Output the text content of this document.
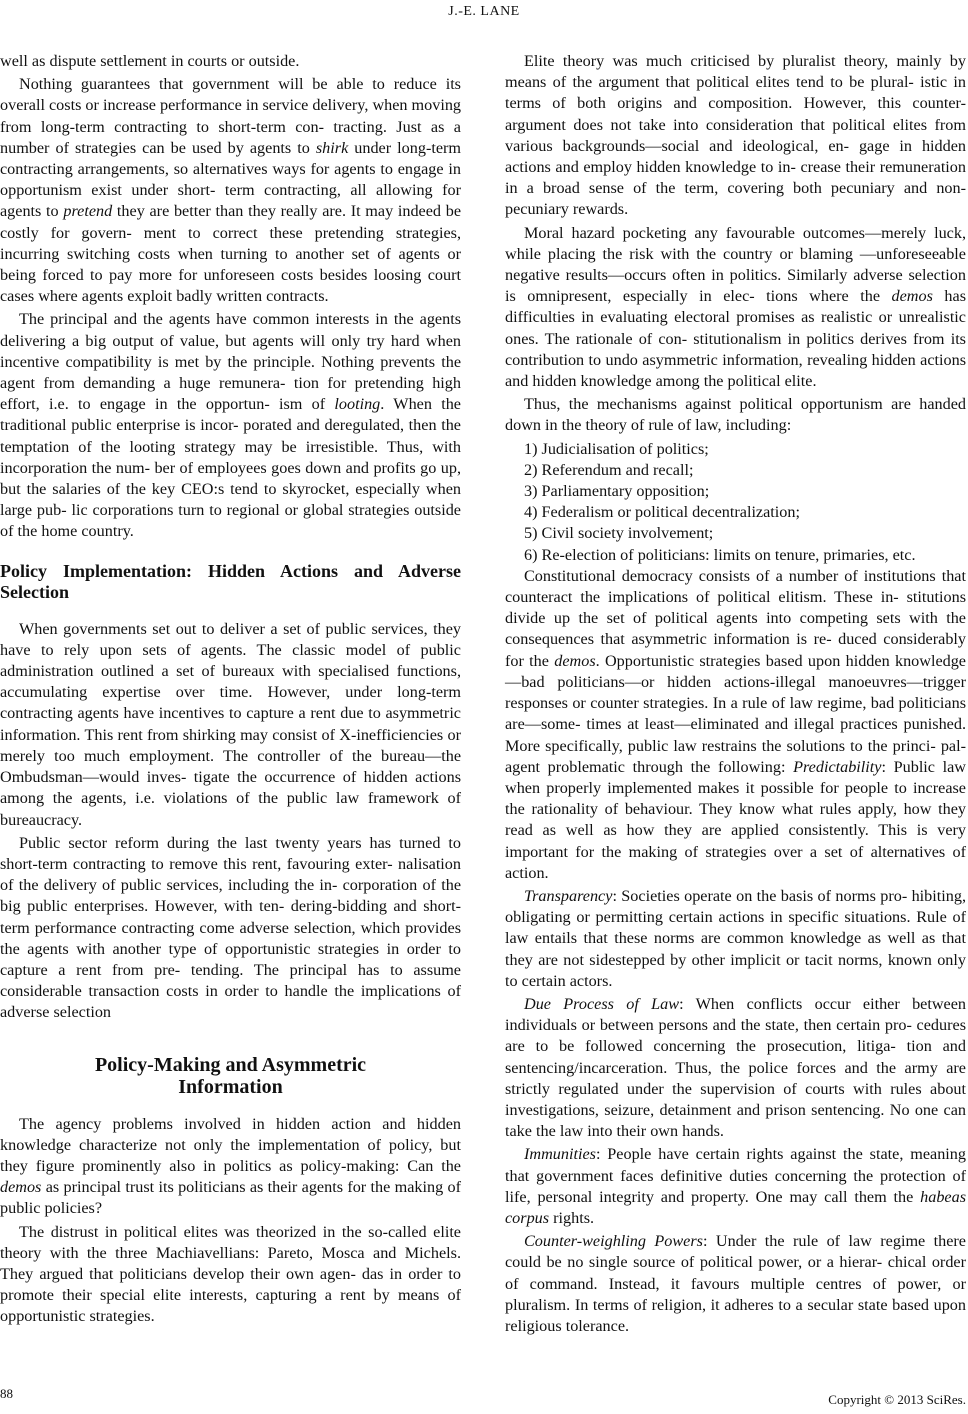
J.-E. LANE

well as dispute settlement in courts or outside.

Nothing guarantees that government will be able to reduce its overall costs or increase performance in service delivery, when moving from long-term contracting to short-term con- tracting. Just as a number of strategies can be used by agents to shirk under long-term contracting arrangements, so alternatives ways for agents to engage in opportunism exist under short- term contracting, all allowing for agents to pretend they are better than they really are. It may indeed be costly for govern- ment to correct these pretending strategies, incurring switching costs when turning to another set of agents or being forced to pay more for unforeseen costs besides loosing court cases where agents exploit badly written contracts.

The principal and the agents have common interests in the agents delivering a big output of value, but agents will only try hard when incentive compatibility is met by the principle. Nothing prevents the agent from demanding a huge remunera- tion for pretending high effort, i.e. to engage in the opportun- ism of looting. When the traditional public enterprise is incor- porated and deregulated, then the temptation of the looting strategy may be irresistible. Thus, with incorporation the num- ber of employees goes down and profits go up, but the salaries of the key CEO:s tend to skyrocket, especially when large pub- lic corporations turn to regional or global strategies outside of the home country.

Policy Implementation: Hidden Actions and Adverse Selection

When governments set out to deliver a set of public services, they have to rely upon sets of agents. The classic model of public administration outlined a set of bureaux with specialised functions, accumulating expertise over time. However, under long-term contracting agents have incentives to capture a rent due to asymmetric information. This rent from shirking may consist of X-inefficiencies or merely too much employment. The controller of the bureau—the Ombudsman—would inves- tigate the occurrence of hidden actions among the agents, i.e. violations of the public law framework of bureaucracy.

Public sector reform during the last twenty years has turned to short-term contracting to remove this rent, favouring exter- nalisation of the delivery of public services, including the in- corporation of the big public enterprises. However, with ten- dering-bidding and short-term performance contracting come adverse selection, which provides the agents with another type of opportunistic strategies in order to capture a rent from pre- tending. The principal has to assume considerable transaction costs in order to handle the implications of adverse selection

Policy-Making and Asymmetric
Information

The agency problems involved in hidden action and hidden knowledge characterize not only the implementation of policy, but they figure prominently also in politics as policy-making: Can the demos as principal trust its politicians as their agents for the making of public policies?

The distrust in political elites was theorized in the so-called elite theory with the three Machiavellians: Pareto, Mosca and Michels. They argued that politicians develop their own agen- das in order to promote their special elite interests, capturing a rent by means of opportunistic strategies.

Elite theory was much criticised by pluralist theory, mainly by means of the argument that political elites tend to be plural- istic in terms of both origins and composition. However, this counter-argument does not take into consideration that political elites from various backgrounds—social and ideological, en- gage in hidden actions and employ hidden knowledge to in- crease their remuneration in a broad sense of the term, covering both pecuniary and non-pecuniary rewards.

Moral hazard pocketing any favourable outcomes—merely luck, while placing the risk with the country or blaming —unforeseeable negative results—occurs often in politics. Similarly adverse selection is omnipresent, especially in elec- tions where the demos has difficulties in evaluating electoral promises as realistic or unrealistic ones. The rationale of con- stitutionalism in politics derives from its contribution to undo asymmetric information, revealing hidden actions and hidden knowledge among the political elite.

Thus, the mechanisms against political opportunism are handed down in the theory of rule of law, including:

1) Judicialisation of politics;

2) Referendum and recall;

3) Parliamentary opposition;

4) Federalism or political decentralization;

5) Civil society involvement;

6) Re-election of politicians: limits on tenure, primaries, etc.

Constitutional democracy consists of a number of institutions that counteract the implications of political elitism. These in- stitutions divide up the set of political agents into competing sets with the consequences that asymmetric information is re- duced considerably for the demos. Opportunistic strategies based upon hidden knowledge—bad politicians—or hidden actions-illegal manoeuvres—trigger responses or counter strategies. In a rule of law regime, bad politicians are—some- times at least—eliminated and illegal practices punished. More specifically, public law restrains the solutions to the princi- pal-agent problematic through the following: Predictability: Public law when properly implemented makes it possible for people to increase the rationality of behaviour. They know what rules apply, how they read as well as how they are applied consistently. This is very important for the making of strategies over a set of alternatives of action.

Transparency: Societies operate on the basis of norms pro- hibiting, obligating or permitting certain actions in specific situations. Rule of law entails that these norms are common knowledge as well as that they are not sidestepped by other implicit or tacit norms, known only to certain actors.

Due Process of Law: When conflicts occur either between individuals or between persons and the state, then certain pro- cedures are to be followed concerning the prosecution, litiga- tion and sentencing/incarceration. Thus, the police forces and the army are strictly regulated under the supervision of courts with rules about investigations, seizure, detainment and prison sentencing. No one can take the law into their own hands.

Immunities: People have certain rights against the state, meaning that government faces definitive duties concerning the protection of life, personal integrity and property. One may call them the habeas corpus rights.

Counter-weighling Powers: Under the rule of law regime there could be no single source of political power, or a hierar- chical order of command. Instead, it favours multiple centres of power, or pluralism. In terms of religion, it adheres to a secular state based upon religious tolerance.

88	Copyright © 2013 SciRes.
